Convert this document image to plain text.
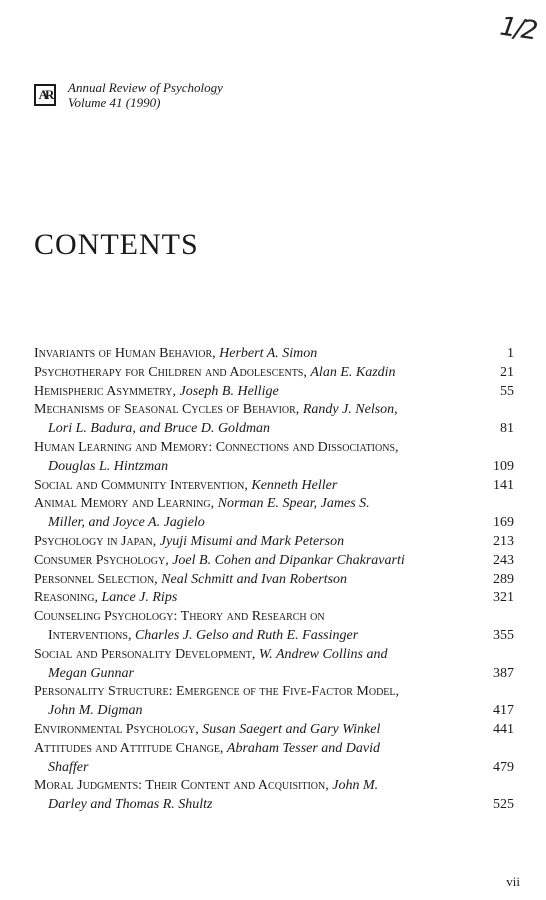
1/2
AR	Annual Review of Psychology
Volume 41 (1990)
CONTENTS
Invariants of Human Behavior, Herbert A. Simon	1
Psychotherapy for Children and Adolescents, Alan E. Kazdin	21
Hemispheric Asymmetry, Joseph B. Hellige	55
Mechanisms of Seasonal Cycles of Behavior, Randy J. Nelson,
Lori L. Badura, and Bruce D. Goldman	81
Human Learning and Memory: Connections and Dissociations,
Douglas L. Hintzman	109
Social and Community Intervention, Kenneth Heller	141
Animal Memory and Learning, Norman E. Spear, James S.
Miller, and Joyce A. Jagielo	169
Psychology in Japan, Jyuji Misumi and Mark Peterson	213
Consumer Psychology, Joel B. Cohen and Dipankar Chakravarti	243
Personnel Selection, Neal Schmitt and Ivan Robertson	289
Reasoning, Lance J. Rips	321
Counseling Psychology: Theory and Research on
Interventions, Charles J. Gelso and Ruth E. Fassinger	355
Social and Personality Development, W. Andrew Collins and
Megan Gunnar	387
Personality Structure: Emergence of the Five-Factor Model,
John M. Digman	417
Environmental Psychology, Susan Saegert and Gary Winkel	441
Attitudes and Attitude Change, Abraham Tesser and David
Shaffer	479
Moral Judgments: Their Content and Acquisition, John M.
Darley and Thomas R. Shultz	525
vii
